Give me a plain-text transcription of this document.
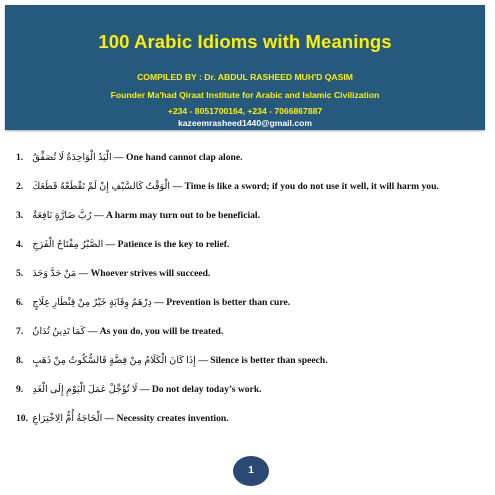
100 Arabic Idioms with Meanings
COMPILED BY : Dr. ABDUL RASHEED MUH'D QASIM
Founder Ma'had Qiraat Institute for Arabic and Islamic Civilization
+234 - 8051700164, +234 - 7066867887
kazeemrasheed1440@gmail.com
1. الْيَدُ الْوَاحِدَةُ لَا تُصَفِّقُ — One hand cannot clap alone.
2. الْوَقْتُ كَالسَّيْفِ إِنْ لَمْ تَقْطَعْهُ قَطَعَكَ — Time is like a sword; if you do not use it well, it will harm you.
3. رُبَّ ضَارَّةٍ نَافِعَةٌ — A harm may turn out to be beneficial.
4. الصَّبْرُ مِفْتَاحُ الْفَرَجِ — Patience is the key to relief.
5. مَنْ جَدَّ وَجَدَ — Whoever strives will succeed.
6. دِرْهَمُ وِقَايَةٍ خَيْرٌ مِنْ قِنْطَارِ عِلَاجٍ — Prevention is better than cure.
7. كَمَا تَدِينُ تُدَانُ — As you do, you will be treated.
8. إِذَا كَانَ الْكَلَامُ مِنْ فِضَّةٍ فَالسُّكُوتُ مِنْ ذَهَبٍ — Silence is better than speech.
9. لَا تُؤَجِّلْ عَمَلَ الْيَوْمِ إِلَى الْغَدِ — Do not delay today’s work.
10. الْحَاجَةُ أُمُّ الِاخْتِرَاعِ — Necessity creates invention.
1
